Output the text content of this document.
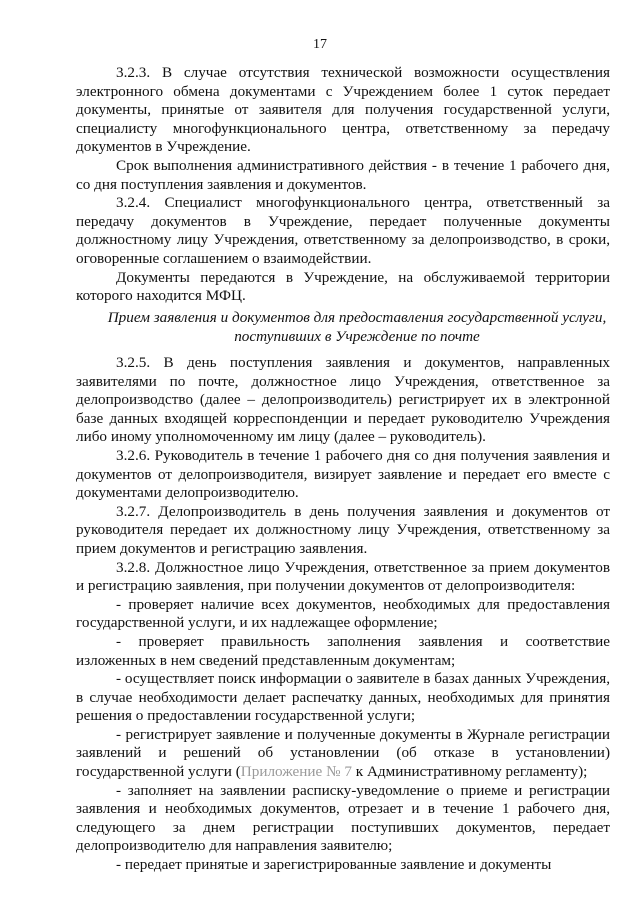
17

3.2.3. В случае отсутствия технической возможности осуществления электронного обмена документами с Учреждением более 1 суток передает документы, принятые от заявителя для получения государственной услуги, специалисту многофункционального центра, ответственному за передачу документов в Учреждение.

Срок выполнения административного действия - в течение 1 рабочего дня, со дня поступления заявления и документов.

3.2.4. Специалист многофункционального центра, ответственный за передачу документов в Учреждение, передает полученные документы должностному лицу Учреждения, ответственному за делопроизводство, в сроки, оговоренные соглашением о взаимодействии.

Документы передаются в Учреждение, на обслуживаемой территории которого находится МФЦ.

Прием заявления и документов для предоставления государственной услуги,
поступивших в Учреждение по почте

3.2.5. В день поступления заявления и документов, направленных заявителями по почте, должностное лицо Учреждения, ответственное за делопроизводство (далее – делопроизводитель) регистрирует их в электронной базе данных входящей корреспонденции и передает руководителю Учреждения либо иному уполномоченному им лицу (далее – руководитель).

3.2.6. Руководитель в течение 1 рабочего дня со дня получения заявления и документов от делопроизводителя, визирует заявление и передает его вместе с документами делопроизводителю.

3.2.7. Делопроизводитель в день получения заявления и документов от руководителя передает их должностному лицу Учреждения, ответственному за прием документов и регистрацию заявления.

3.2.8. Должностное лицо Учреждения, ответственное за прием документов и регистрацию заявления, при получении документов от делопроизводителя:

- проверяет наличие всех документов, необходимых для предоставления государственной услуги, и их надлежащее оформление;

- проверяет правильность заполнения заявления и соответствие изложенных в нем сведений представленным документам;

- осуществляет поиск информации о заявителе в базах данных Учреждения, в случае необходимости делает распечатку данных, необходимых для принятия решения о предоставлении государственной услуги;

- регистрирует заявление и полученные документы в Журнале регистрации заявлений и решений об установлении (об отказе в установлении) государственной услуги (Приложение № 7 к Административному регламенту);

- заполняет на заявлении расписку-уведомление о приеме и регистрации заявления и необходимых документов, отрезает и в течение 1 рабочего дня, следующего за днем регистрации поступивших документов, передает делопроизводителю для направления заявителю;

- передает принятые и зарегистрированные заявление и документы
